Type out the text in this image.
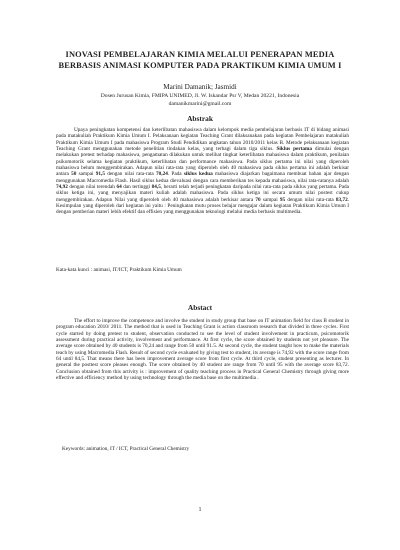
INOVASI PEMBELAJARAN KIMIA MELALUI PENERAPAN MEDIA
BERBASIS ANIMASI KOMPUTER PADA PRAKTIKUM KIMIA UMUM I
Marini Damanik; Jasmidi
Dosen Jurusan Kimia, FMIPA UNIMED, Jl. W. Iskandar Psr V, Medan 20221, Indonesia
damanikmarini@gmail.com
Abstrak
Upaya peningkatan kompetensi dan keterlibatan mahasiswa dalam kelompok media pembelajaran berbasis IT di bidang animasi pada matakuliah Praktikum Kimia Umum I. Pelaksanaan kegiatan Teaching Grant dilaksanakan pada kegiatan Pembelajaran matakuliah Praktikum Kimia Umum I pada mahasiswa Program Studi Pendidikan angkatan tahun 2010/2011 kelas B. Metode pelaksanaan kegiatan Teaching Grant menggunakan metode penelitian tindakan kelas, yang terbagi dalam tiga siklus. Siklus pertama dimulai dengan melakukan pretest terhadap mahasiswa, pengamatan dilakukan untuk melihat tingkat keterlibatan mahasiswa dalam praktikum, penilaian psikomotorik selama kegiatan praktikum, keterlibatan dan performance mahasiswa. Pada siklus pertama ini nilai yang diperoleh mahasiswa belum menggembirakan. Adapun nilai rata-rata yang diperoleh oleh 40 mahasiswa pada siklus pertama ini adalah berkisar antara 50 sampai 91,5 dengan nilai rata-rata 70,24. Pada siklus kedua mahasiswa diajarkan bagaimana membuat bahan ajar dengan menggunakan Macromedia Flash. Hasil siklus kedua dievaluasi dengan cara memberikan tes kepada mahasiswa, nilai rata-ratanya adalah 74,92 dengan nilai terendah 64 dan tertinggi 84,5, berarti telah terjadi peningkatan daripada nilai rata-rata pada siklus yang pertama. Pada siklus ketiga ini, yang menyajikan materi kuliah adalah mahasiswa. Pada siklus ketiga ini secara umum nilai postest cukup menggembirakan. Adapun Nilai yang diperoleh oleh 40 mahasiswa adalah berkisar antara 70 sampai 95 dengan nilai rata-rata 83,72. Kesimpulan yang diperoleh dari kegiatan ini yaitu : Peningkatan mutu proses belajar mengajar dalam kegiatan Praktikum Kimia Umum I dengan pemberian materi lebih efektif dan effisien yang menggunakan teknologi melalui media berbasis multimedia.
Kata-kata kunci : animasi, IT/ICT, Praktikum Kimia Umum
Abstact
The effort to improve the competence and involve the student in study group that base on IT animation field for class B student in program education 2010/ 2011. The method that is used in Teaching Grant is action classroom research that divided in three cycles. First cycle started by doing pretest to student, observation conducted to see the level of student involvement in practicum, psicomotorik assessment during practical activity, involvement and performance. At first cycle, the score obtained by students not yet pleasure. The average score obtained by 40 students is 70,24 and range from 50 until 91.5. At second cycle, the student taught how to make the materials teach by using Macromedia Flash. Result of second cycle evaluated by giving test to student, its average is 74,92 with the score range from 64 until 84,5. That means there has been improvement average score from first cycle. At third cycle, student presenting as lecturer. In general the posttest score pleases enough. The score obtained by 40 student are range from 70 until 95 with the average score 83,72. Conclusion obtained from this activity is : improvement of quality teaching process in Practical General Chemistry through giving more effective and efficiency method by using technology through the media base on the multimedia .
Keywords: animation, IT / ICT, Practical General Chemistry
1
